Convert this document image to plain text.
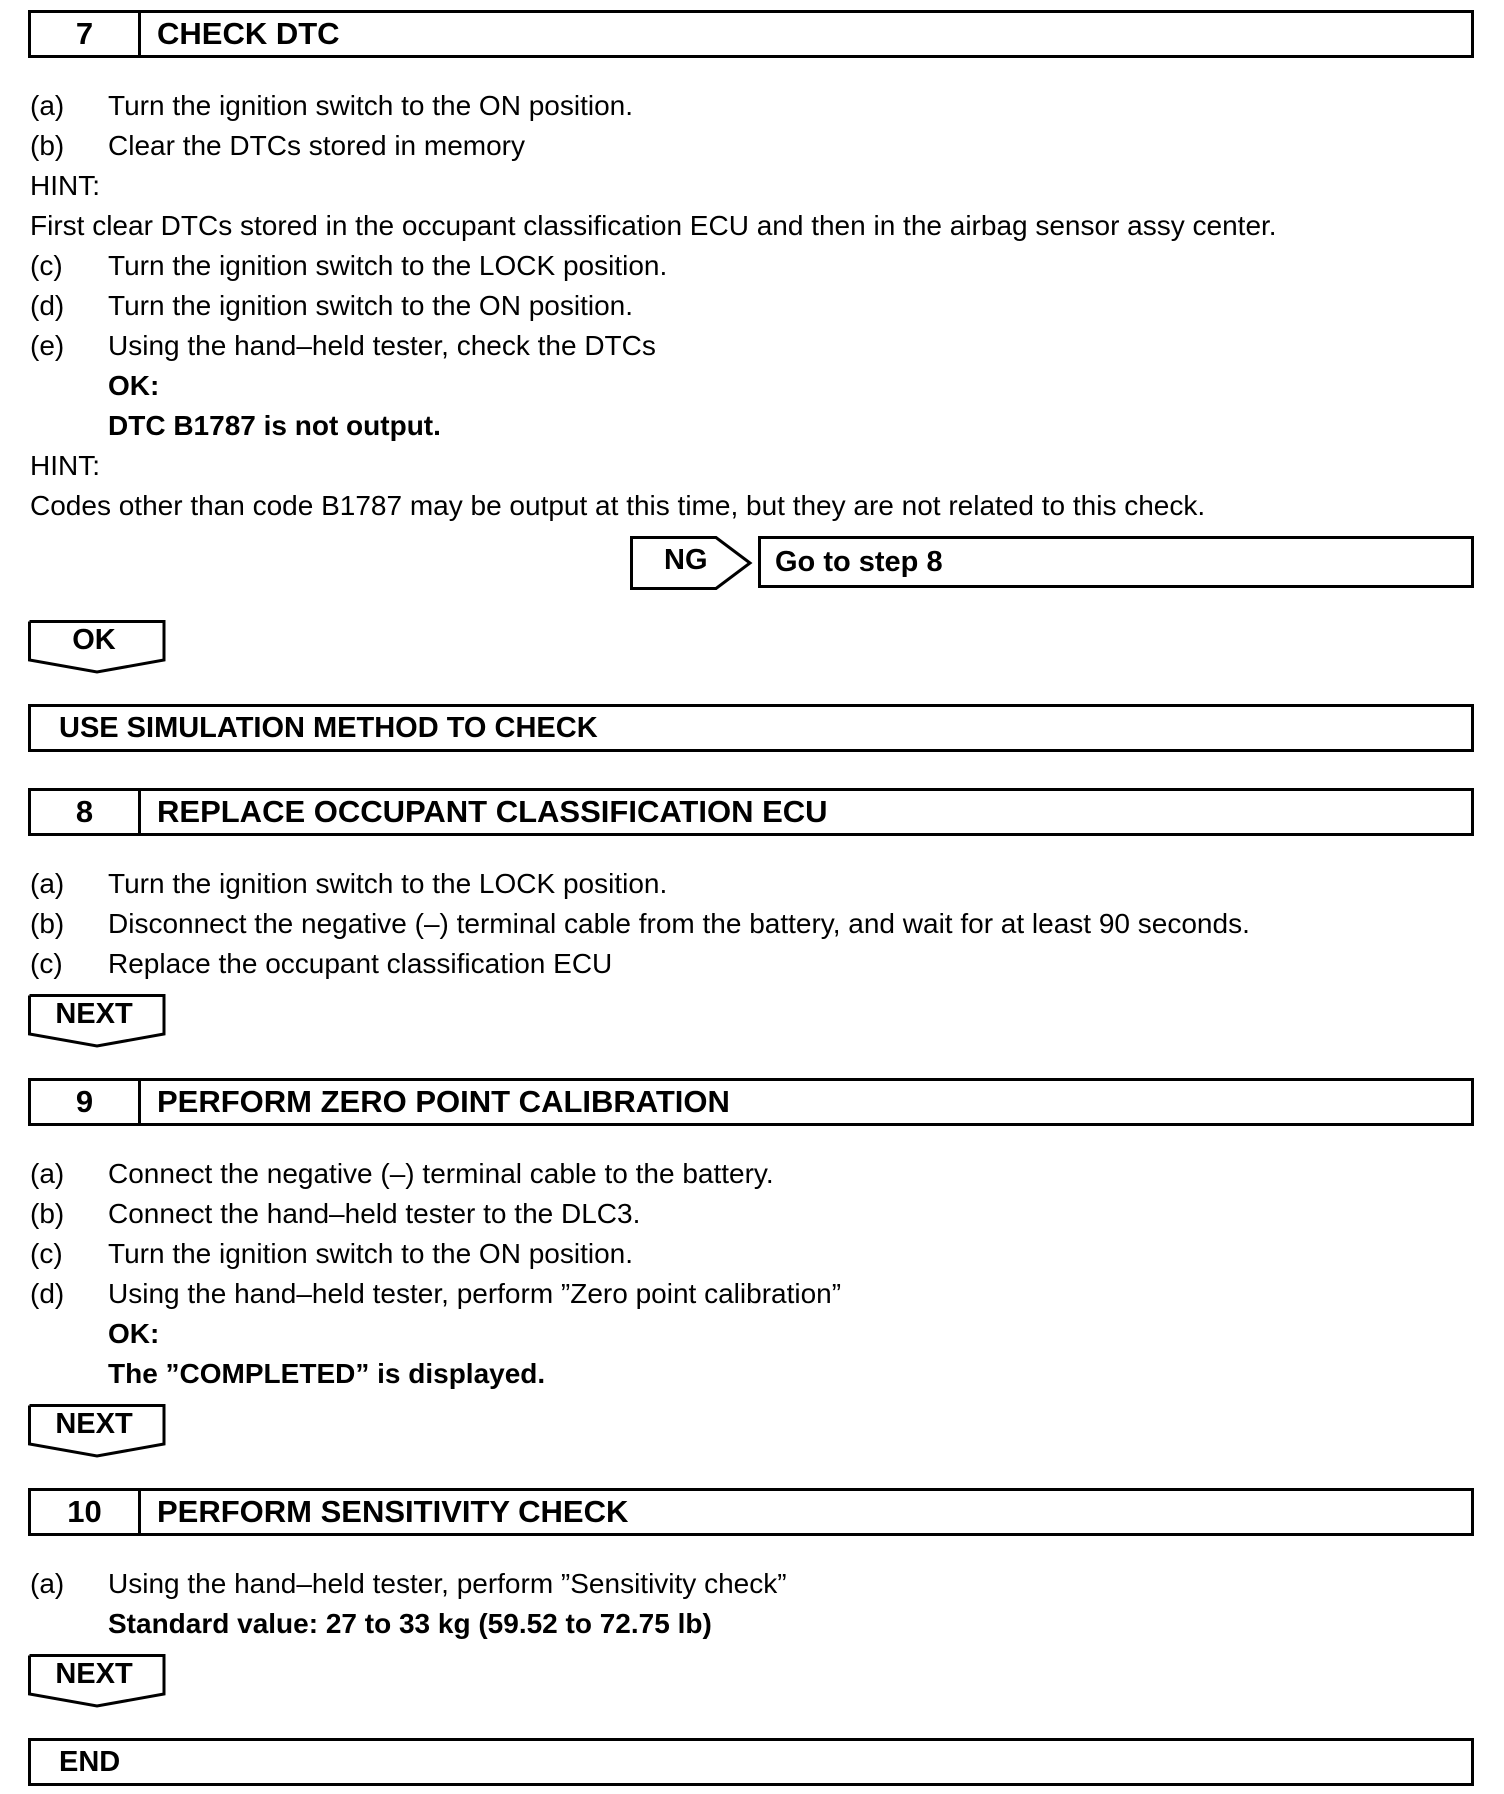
7	CHECK DTC
(a) Turn the ignition switch to the ON position.
(b) Clear the DTCs stored in memory
HINT:
First clear DTCs stored in the occupant classification ECU and then in the airbag sensor assy center.
(c) Turn the ignition switch to the LOCK position.
(d) Turn the ignition switch to the ON position.
(e) Using the hand–held tester, check the DTCs
OK:
DTC B1787 is not output.
HINT:
Codes other than code B1787 may be output at this time, but they are not related to this check.
NG	Go to step 8
OK
USE SIMULATION METHOD TO CHECK
8	REPLACE OCCUPANT CLASSIFICATION ECU
(a) Turn the ignition switch to the LOCK position.
(b) Disconnect the negative (–) terminal cable from the battery, and wait for at least 90 seconds.
(c) Replace the occupant classification ECU
NEXT
9	PERFORM ZERO POINT CALIBRATION
(a) Connect the negative (–) terminal cable to the battery.
(b) Connect the hand–held tester to the DLC3.
(c) Turn the ignition switch to the ON position.
(d) Using the hand–held tester, perform ”Zero point calibration”
OK:
The ”COMPLETED” is displayed.
NEXT
10	PERFORM SENSITIVITY CHECK
(a) Using the hand–held tester, perform ”Sensitivity check”
Standard value: 27 to 33 kg (59.52 to 72.75 lb)
NEXT
END
